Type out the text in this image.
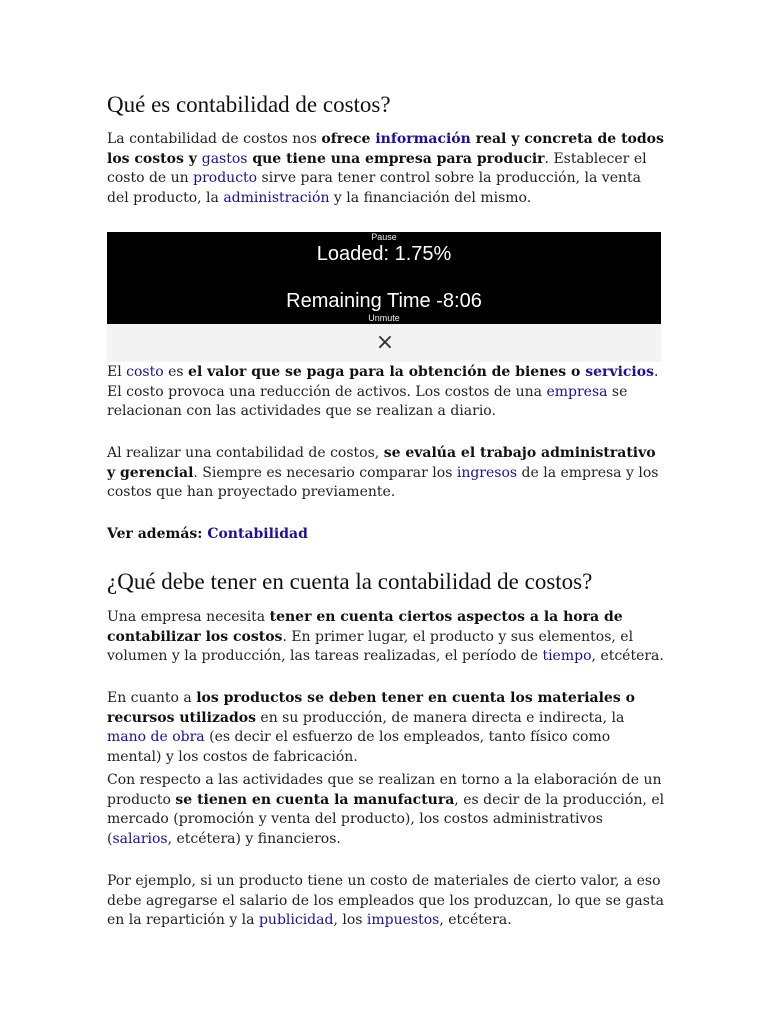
Qué es contabilidad de costos?

La contabilidad de costos nos ofrece información real y concreta de todos los costos y gastos que tiene una empresa para producir. Establecer el costo de un producto sirve para tener control sobre la producción, la venta del producto, la administración y la financiación del mismo.

Pause
Loaded: 1.75%
Remaining Time -8:06
Unmute
×

El costo es el valor que se paga para la obtención de bienes o servicios. El costo provoca una reducción de activos. Los costos de una empresa se relacionan con las actividades que se realizan a diario.

Al realizar una contabilidad de costos, se evalúa el trabajo administrativo y gerencial. Siempre es necesario comparar los ingresos de la empresa y los costos que han proyectado previamente.

Ver además: Contabilidad

¿Qué debe tener en cuenta la contabilidad de costos?

Una empresa necesita tener en cuenta ciertos aspectos a la hora de contabilizar los costos. En primer lugar, el producto y sus elementos, el volumen y la producción, las tareas realizadas, el período de tiempo, etcétera.

En cuanto a los productos se deben tener en cuenta los materiales o recursos utilizados en su producción, de manera directa e indirecta, la mano de obra (es decir el esfuerzo de los empleados, tanto físico como mental) y los costos de fabricación.

Con respecto a las actividades que se realizan en torno a la elaboración de un producto se tienen en cuenta la manufactura, es decir de la producción, el mercado (promoción y venta del producto), los costos administrativos (salarios, etcétera) y financieros.

Por ejemplo, si un producto tiene un costo de materiales de cierto valor, a eso debe agregarse el salario de los empleados que los produzcan, lo que se gasta en la repartición y la publicidad, los impuestos, etcétera.
